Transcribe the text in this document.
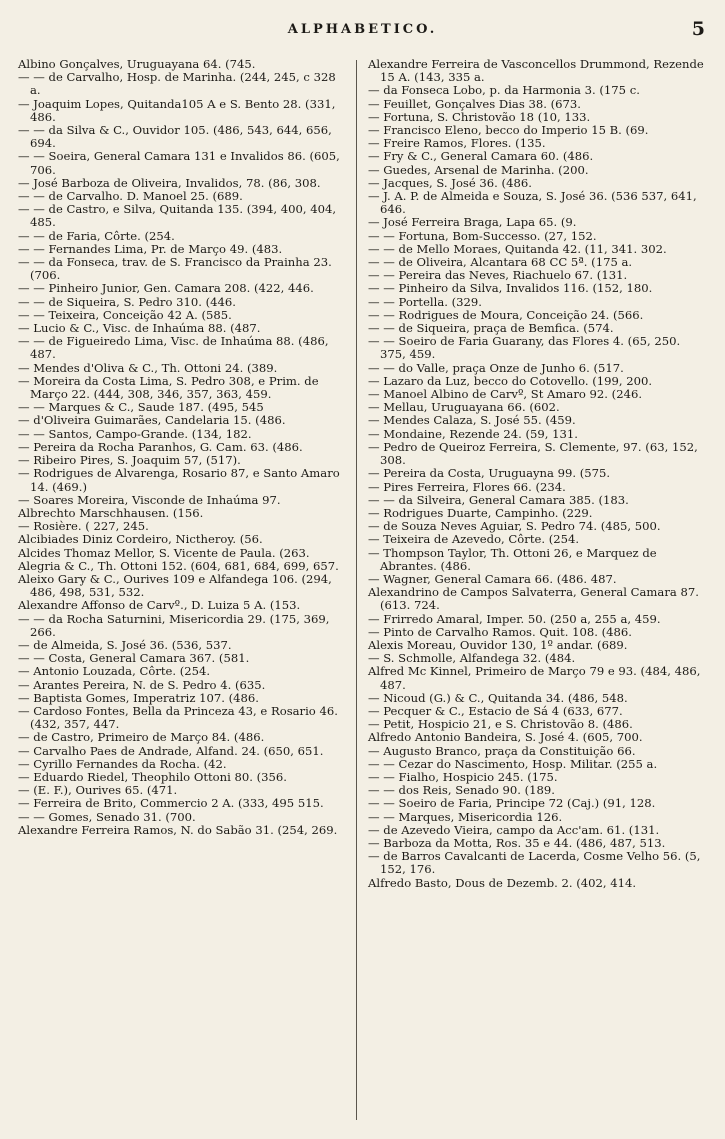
ALPHABETICO.	5

Albino Gonçalves, Uruguayana 64. (745.

— — de Carvalho, Hosp. de Marinha. (244, 245, c 328 a.

— Joaquim Lopes, Quitanda105 A e S. Bento 28. (331, 486.

— — da Silva & C., Ouvidor 105. (486, 543, 644, 656, 694.

— — Soeira, General Camara 131 e Invalidos 86. (605, 706.

— José Barboza de Oliveira, Invalidos, 78. (86, 308.

— — de Carvalho. D. Manoel 25. (689.

— — de Castro, e Silva, Quitanda 135. (394, 400, 404, 485.

— — de Faria, Côrte. (254.

— — Fernandes Lima, Pr. de Março 49. (483.

— — da Fonseca, trav. de S. Francisco da Prainha 23. (706.

— — Pinheiro Junior, Gen. Camara 208. (422, 446.

— — de Siqueira, S. Pedro 310. (446.

— — Teixeira, Conceição 42 A. (585.

— Lucio & C., Visc. de Inhaúma 88. (487.

— — de Figueiredo Lima, Visc. de Inhaúma 88. (486, 487.

— Mendes d'Oliva & C., Th. Ottoni 24. (389.

— Moreira da Costa Lima, S. Pedro 308, e Prim. de Março 22. (444, 308, 346, 357, 363, 459.

— — Marques & C., Saude 187. (495, 545

— d'Oliveira Guimarães, Candelaria 15. (486.

— — Santos, Campo-Grande. (134, 182.

— Pereira da Rocha Paranhos, G. Cam. 63. (486.

— Ribeiro Pires, S. Joaquim 57, (517).

— Rodrigues de Alvarenga, Rosario 87, e Santo Amaro 14. (469.)

— Soares Moreira, Visconde de Inhaúma 97.

Albrechto Marschhausen. (156.

— Rosière. ( 227, 245.

Alcibiades Diniz Cordeiro, Nictheroy. (56.

Alcides Thomaz Mellor, S. Vicente de Paula. (263.

Alegria & C., Th. Ottoni 152. (604, 681, 684, 699, 657.

Aleixo Gary & C., Ourives 109 e Alfandega 106. (294, 486, 498, 531, 532.

Alexandre Affonso de Carvº., D. Luiza 5 A. (153.

— — da Rocha Saturnini, Misericordia 29. (175, 369, 266.

— de Almeida, S. José 36. (536, 537.

— — Costa, General Camara 367. (581.

— Antonio Louzada, Côrte. (254.

— Arantes Pereira, N. de S. Pedro 4. (635.

— Baptista Gomes, Imperatriz 107. (486.

— Cardoso Fontes, Bella da Princeza 43, e Rosario 46. (432, 357, 447.

— de Castro, Primeiro de Março 84. (486.

— Carvalho Paes de Andrade, Alfand. 24. (650, 651.

— Cyrillo Fernandes da Rocha. (42.

— Eduardo Riedel, Theophilo Ottoni 80. (356.

— (E. F.), Ourives 65. (471.

— Ferreira de Brito, Commercio 2 A. (333, 495 515.

— — Gomes, Senado 31. (700.

Alexandre Ferreira Ramos, N. do Sabão 31. (254, 269.

Alexandre Ferreira de Vasconcellos Drummond, Rezende 15 A. (143, 335 a.

— da Fonseca Lobo, p. da Harmonia 3. (175 c.

— Feuillet, Gonçalves Dias 38. (673.

— Fortuna, S. Christovão 18 (10, 133.

— Francisco Eleno, becco do Imperio 15 B. (69.

— Freire Ramos, Flores. (135.

— Fry & C., General Camara 60. (486.

— Guedes, Arsenal de Marinha. (200.

— Jacques, S. José 36. (486.

— J. A. P. de Almeida e Souza, S. José 36. (536 537, 641, 646.

— José Ferreira Braga, Lapa 65. (9.

— — Fortuna, Bom-Successo. (27, 152.

— — de Mello Moraes, Quitanda 42. (11, 341. 302.

— — de Oliveira, Alcantara 68 CC 5ª. (175 a.

— — Pereira das Neves, Riachuelo 67. (131.

— — Pinheiro da Silva, Invalidos 116. (152, 180.

— — Portella. (329.

— — Rodrigues de Moura, Conceição 24. (566.

— — de Siqueira, praça de Bemfica. (574.

— — Soeiro de Faria Guarany, das Flores 4. (65, 250. 375, 459.

— — do Valle, praça Onze de Junho 6. (517.

— Lazaro da Luz, becco do Cotovello. (199, 200.

— Manoel Albino de Carvº, St Amaro 92. (246.

— Mellau, Uruguayana 66. (602.

— Mendes Calaza, S. José 55. (459.

— Mondaine, Rezende 24. (59, 131.

— Pedro de Queiroz Ferreira, S. Clemente, 97. (63, 152, 308.

— Pereira da Costa, Uruguayna 99. (575.

— Pires Ferreira, Flores 66. (234.

— — da Silveira, General Camara 385. (183.

— Rodrigues Duarte, Campinho. (229.

— de Souza Neves Aguiar, S. Pedro 74. (485, 500.

— Teixeira de Azevedo, Côrte. (254.

— Thompson Taylor, Th. Ottoni 26, e Marquez de Abrantes. (486.

— Wagner, General Camara 66. (486. 487.

Alexandrino de Campos Salvaterra, General Camara 87. (613. 724.

— Frirredo Amaral, Imper. 50. (250 a, 255 a, 459.

— Pinto de Carvalho Ramos. Quit. 108. (486.

Alexis Moreau, Ouvidor 130, 1º andar. (689.

— S. Schmolle, Alfandega 32. (484.

Alfred Mc Kinnel, Primeiro de Março 79 e 93. (484, 486, 487.

— Nicoud (G.) & C., Quitanda 34. (486, 548.

— Pecquer & C., Estacio de Sá 4 (633, 677.

— Petit, Hospicio 21, e S. Christovão 8. (486.

Alfredo Antonio Bandeira, S. José 4. (605, 700.

— Augusto Branco, praça da Constituição 66.

— — Cezar do Nascimento, Hosp. Militar. (255 a.

— — Fialho, Hospicio 245. (175.

— — dos Reis, Senado 90. (189.

— — Soeiro de Faria, Principe 72 (Caj.) (91, 128.

— — Marques, Misericordia 126.

— de Azevedo Vieira, campo da Acc'am. 61. (131.

— Barboza da Motta, Ros. 35 e 44. (486, 487, 513.

— de Barros Cavalcanti de Lacerda, Cosme Velho 56. (5, 152, 176.

Alfredo Basto, Dous de Dezemb. 2. (402, 414.
